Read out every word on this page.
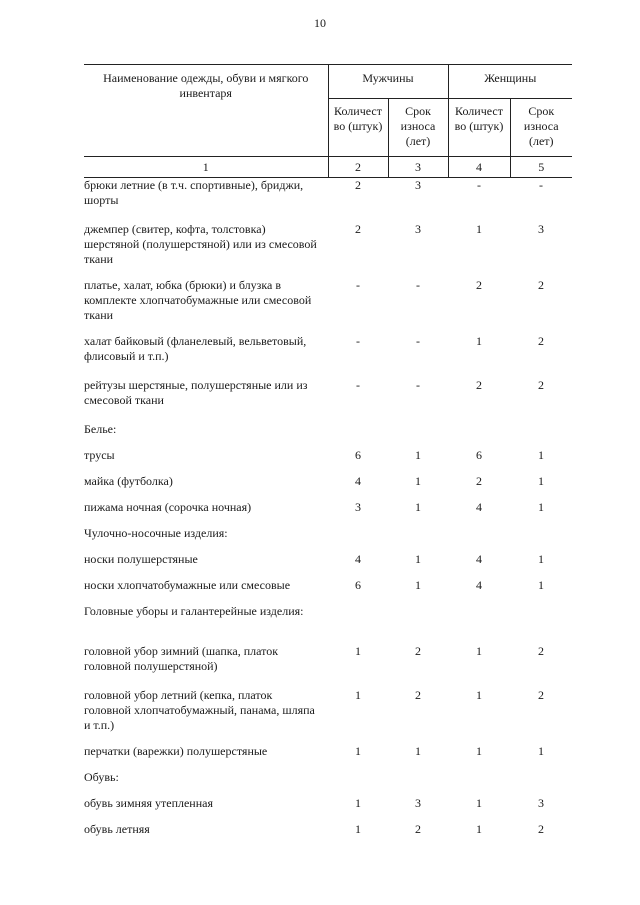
10
Наименование одежды, обуви и мягкого инвентаря	Мужчины		Женщины	
	Количест во (штук)	Срок износа (лет)	Количест во (штук)	Срок износа (лет)
1	2	3	4	5
брюки летние (в т.ч. спортивные), бриджи, шорты	2	3	-	-
джемпер (свитер, кофта, толстовка) шерстяной (полушерстяной) или из смесовой ткани	2	3	1	3
платье, халат, юбка (брюки) и блузка в комплекте хлопчатобумажные или смесовой ткани	-	-	2	2
халат байковый (фланелевый, вельветовый, флисовый и т.п.)	-	-	1	2
рейтузы шерстяные, полушерстяные или из смесовой ткани	-	-	2	2
Белье:				
трусы	6	1	6	1
майка (футболка)	4	1	2	1
пижама ночная (сорочка ночная)	3	1	4	1
Чулочно-носочные изделия:				
носки полушерстяные	4	1	4	1
носки хлопчатобумажные или смесовые	6	1	4	1
Головные уборы и галантерейные изделия:				
головной убор зимний (шапка, платок головной полушерстяной)	1	2	1	2
головной убор летний (кепка, платок головной хлопчатобумажный, панама, шляпа и т.п.)	1	2	1	2
перчатки (варежки) полушерстяные	1	1	1	1
Обувь:				
обувь зимняя утепленная	1	3	1	3
обувь летняя	1	2	1	2
